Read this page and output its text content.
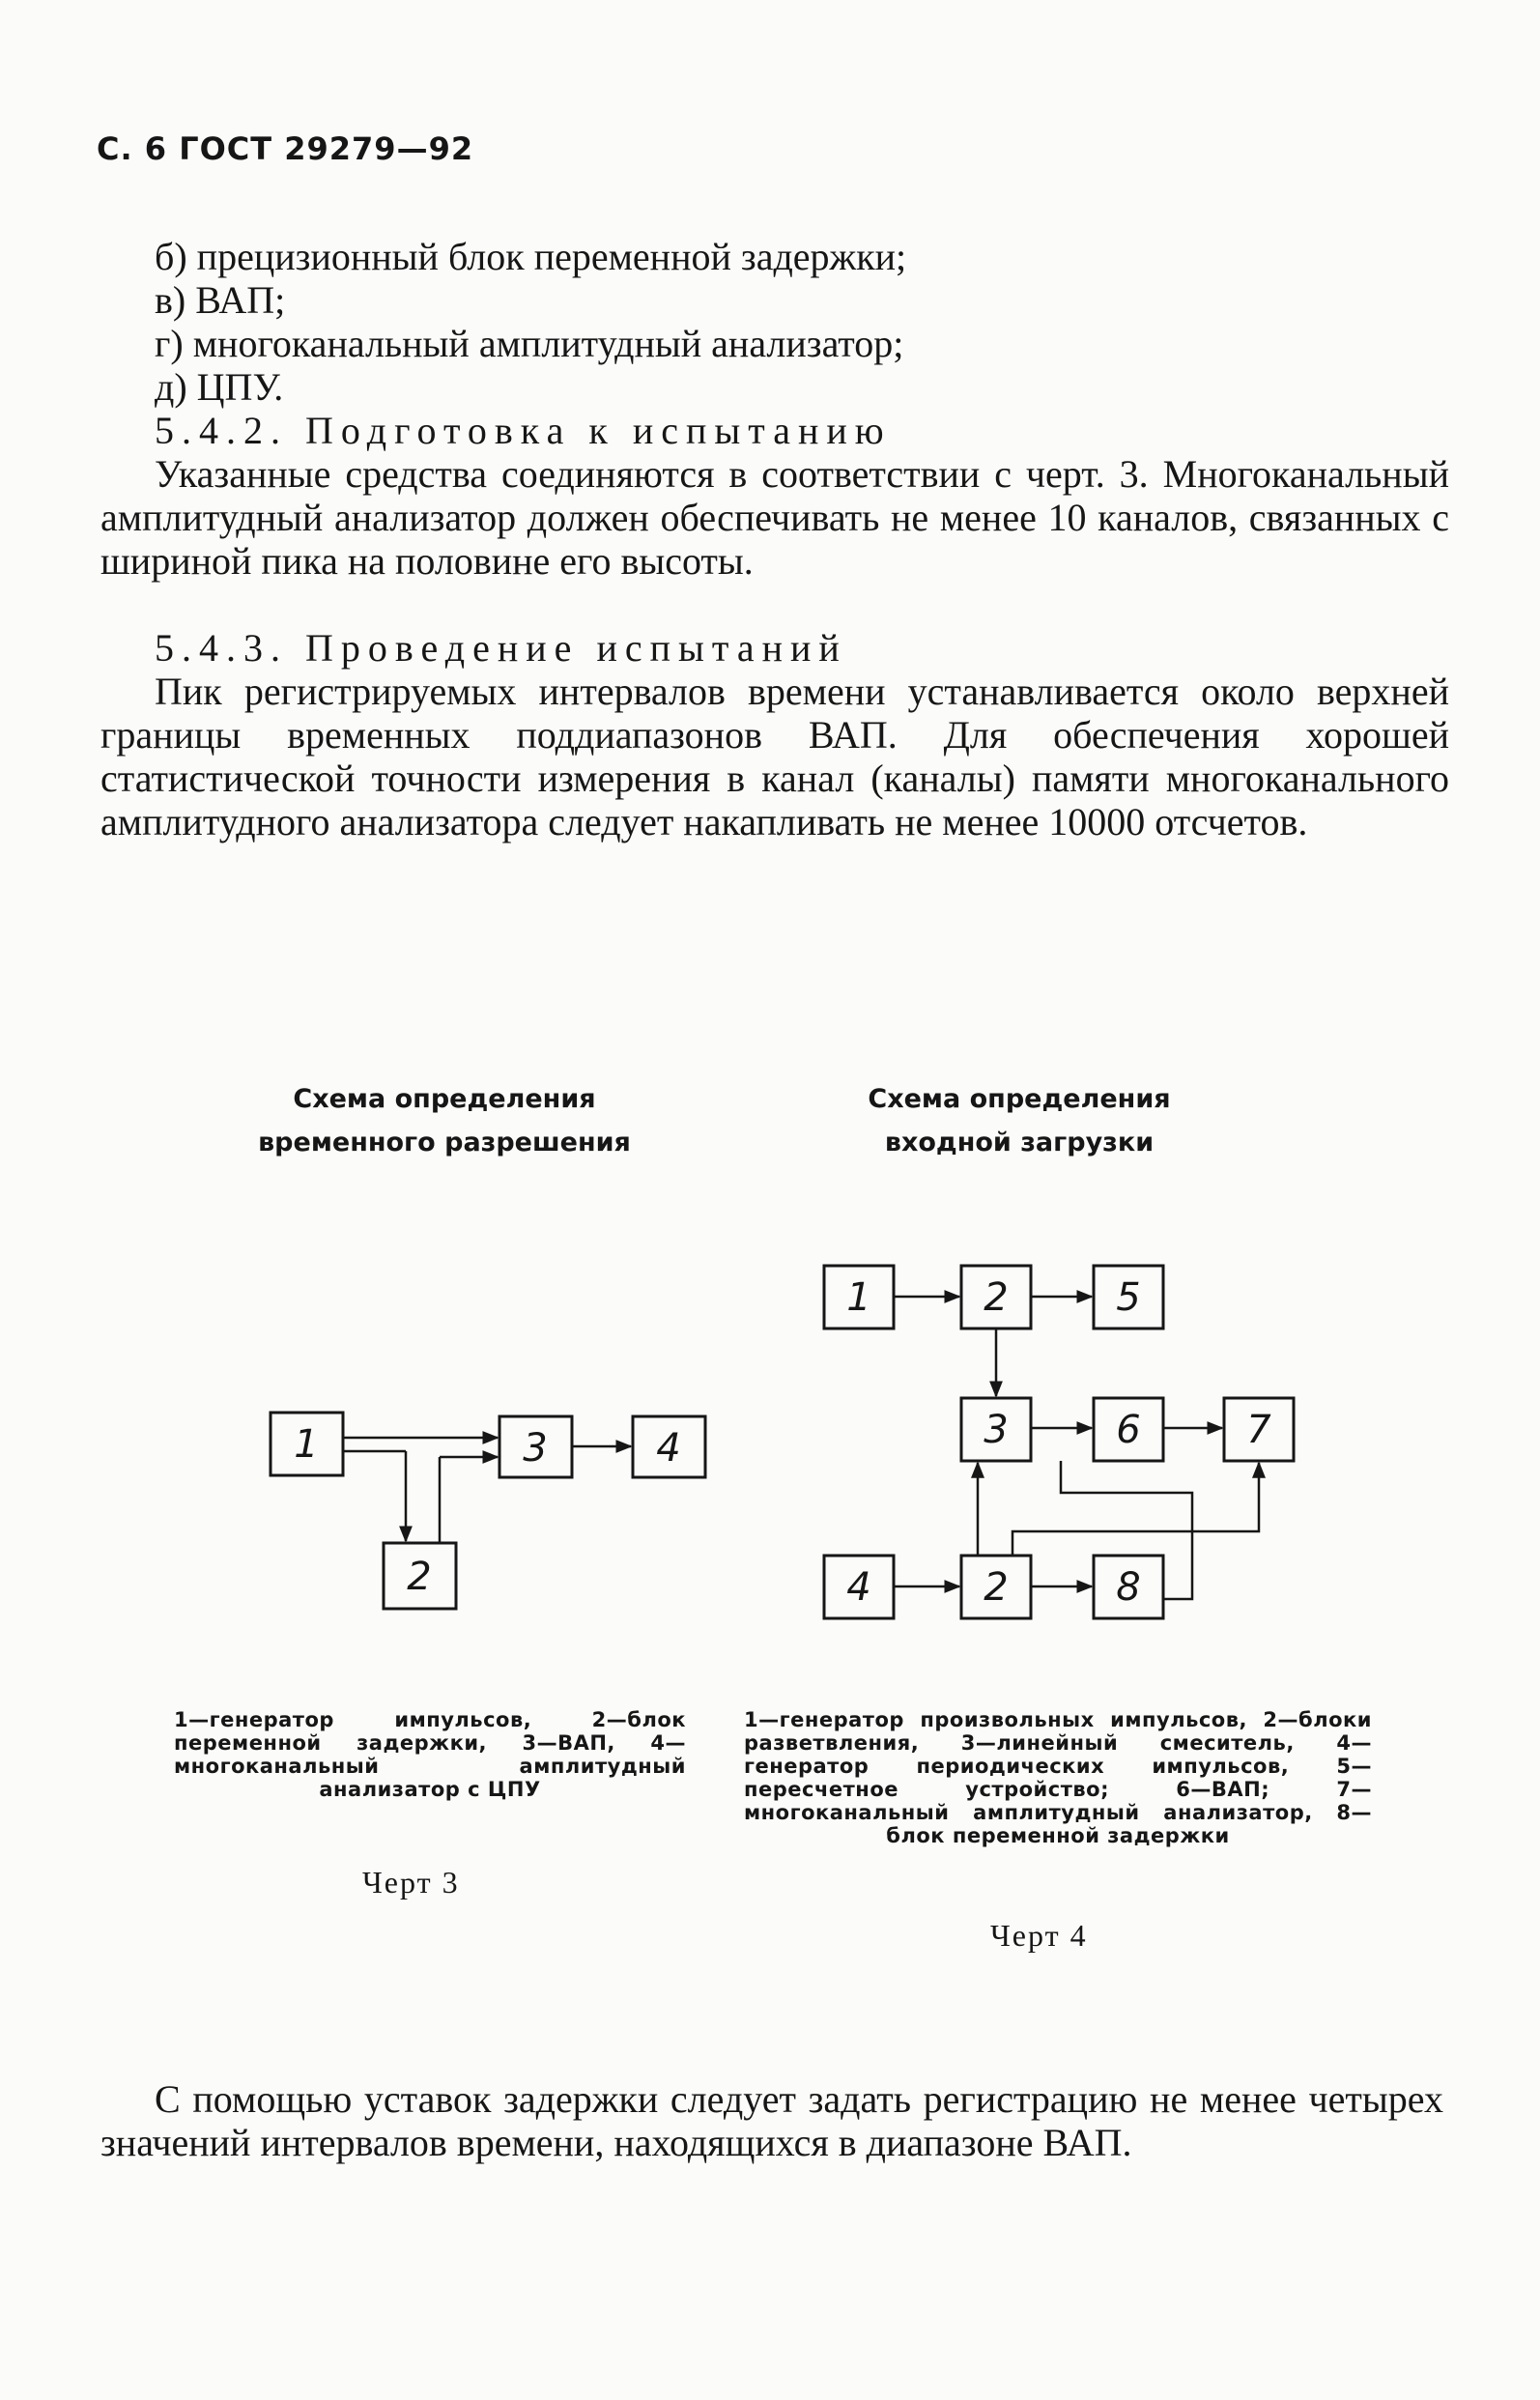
С. 6 ГОСТ 29279—92
б) прецизионный блок переменной задержки;
в) ВАП;
г) многоканальный амплитудный анализатор;
д) ЦПУ.
5.4.2. Подготовка к испытанию
Указанные средства соединяются в соответствии с черт. 3. Многоканальный амплитудный анализатор должен обеспечивать не менее 10 каналов, связанных с шириной пика на половине его высоты.
5.4.3. Проведение испытаний
Пик регистрируемых интервалов времени устанавливается около верхней границы временных поддиапазонов ВАП. Для обеспечения хорошей статистической точности измерения в канал (каналы) памяти многоканального амплитудного анализатора следует накапливать не менее 10000 отсчетов.
Схема определения
временного разрешения
Схема определения
входной загрузки
1	3	4
2
1	2	5
3	6	7
4	2	8
1—генератор импульсов, 2—блок переменной задержки, 3—ВАП, 4—многоканальный амплитудный анализатор с ЦПУ
Черт 3
1—генератор произвольных импульсов, 2—блоки разветвления, 3—линейный смеситель, 4—генератор периодических импульсов, 5—пересчетное устройство; 6—ВАП; 7—многоканальный амплитудный анализатор, 8—блок переменной задержки
Черт 4
С помощью уставок задержки следует задать регистрацию не менее четырех значений интервалов времени, находящихся в диапазоне ВАП.
